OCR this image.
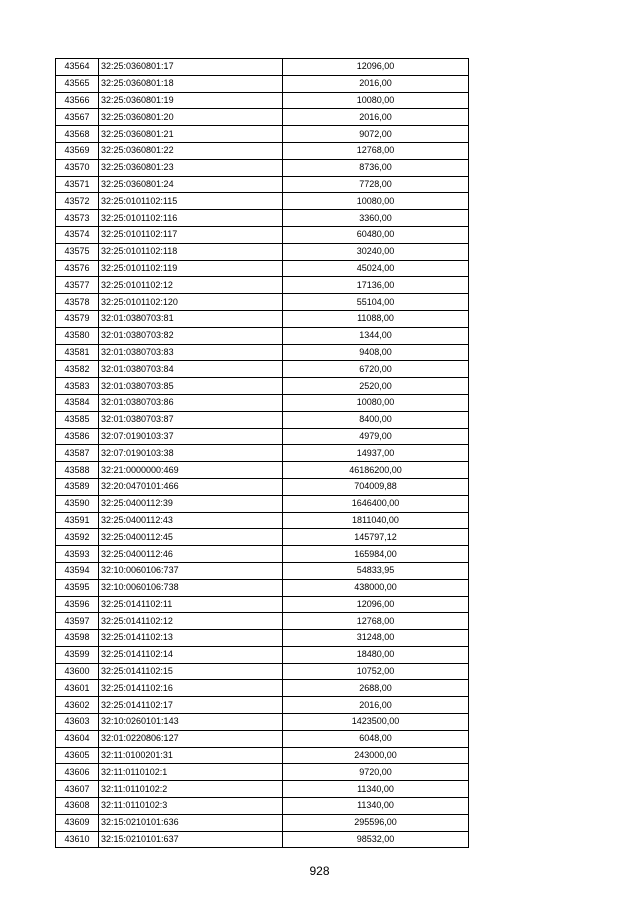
43564	32:25:0360801:17	12096,00
43565	32:25:0360801:18	2016,00
43566	32:25:0360801:19	10080,00
43567	32:25:0360801:20	2016,00
43568	32:25:0360801:21	9072,00
43569	32:25:0360801:22	12768,00
43570	32:25:0360801:23	8736,00
43571	32:25:0360801:24	7728,00
43572	32:25:0101102:115	10080,00
43573	32:25:0101102:116	3360,00
43574	32:25:0101102:117	60480,00
43575	32:25:0101102:118	30240,00
43576	32:25:0101102:119	45024,00
43577	32:25:0101102:12	17136,00
43578	32:25:0101102:120	55104,00
43579	32:01:0380703:81	11088,00
43580	32:01:0380703:82	1344,00
43581	32:01:0380703:83	9408,00
43582	32:01:0380703:84	6720,00
43583	32:01:0380703:85	2520,00
43584	32:01:0380703:86	10080,00
43585	32:01:0380703:87	8400,00
43586	32:07:0190103:37	4979,00
43587	32:07:0190103:38	14937,00
43588	32:21:0000000:469	46186200,00
43589	32:20:0470101:466	704009,88
43590	32:25:0400112:39	1646400,00
43591	32:25:0400112:43	1811040,00
43592	32:25:0400112:45	145797,12
43593	32:25:0400112:46	165984,00
43594	32:10:0060106:737	54833,95
43595	32:10:0060106:738	438000,00
43596	32:25:0141102:11	12096,00
43597	32:25:0141102:12	12768,00
43598	32:25:0141102:13	31248,00
43599	32:25:0141102:14	18480,00
43600	32:25:0141102:15	10752,00
43601	32:25:0141102:16	2688,00
43602	32:25:0141102:17	2016,00
43603	32:10:0260101:143	1423500,00
43604	32:01:0220806:127	6048,00
43605	32:11:0100201:31	243000,00
43606	32:11:0110102:1	9720,00
43607	32:11:0110102:2	11340,00
43608	32:11:0110102:3	11340,00
43609	32:15:0210101:636	295596,00
43610	32:15:0210101:637	98532,00
928
